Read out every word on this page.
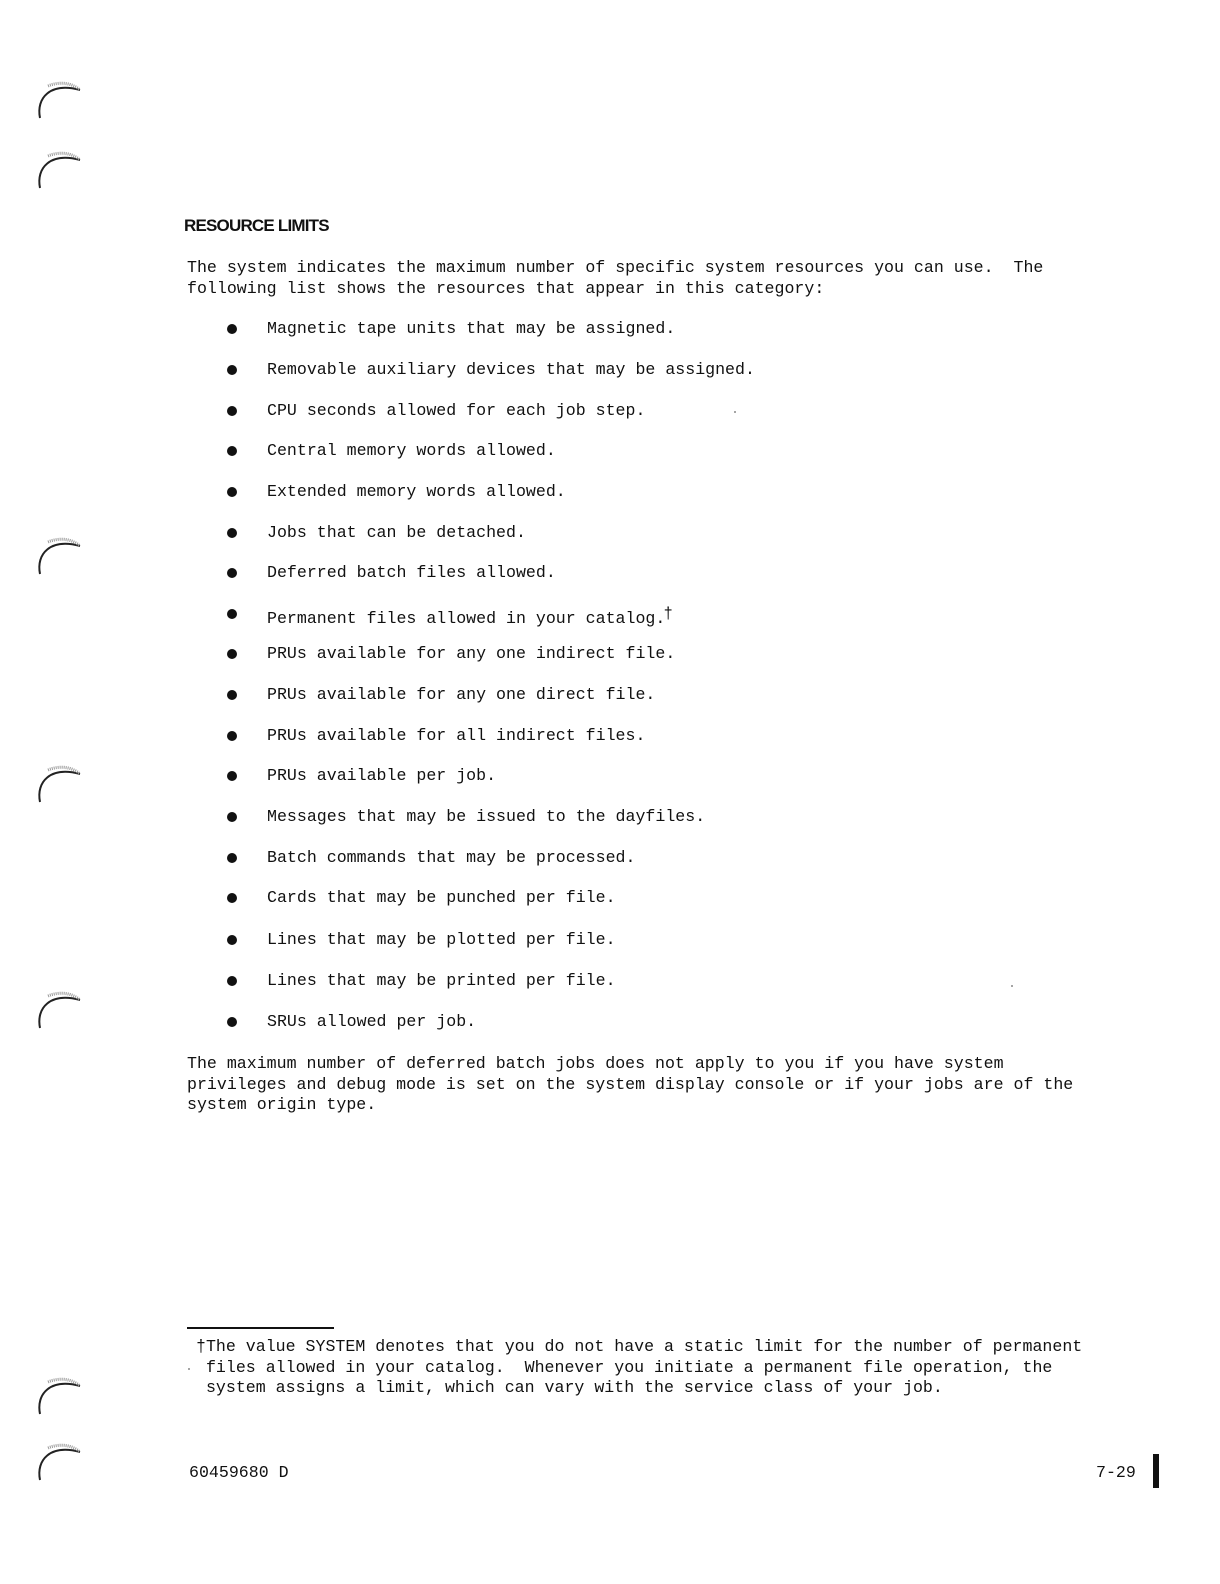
RESOURCE LIMITS

The system indicates the maximum number of specific system resources you can use.  The
following list shows the resources that appear in this category:

Magnetic tape units that may be assigned.
Removable auxiliary devices that may be assigned.
CPU seconds allowed for each job step.
Central memory words allowed.
Extended memory words allowed.
Jobs that can be detached.
Deferred batch files allowed.
Permanent files allowed in your catalog.†
PRUs available for any one indirect file.
PRUs available for any one direct file.
PRUs available for all indirect files.
PRUs available per job.
Messages that may be issued to the dayfiles.
Batch commands that may be processed.
Cards that may be punched per file.
Lines that may be plotted per file.
Lines that may be printed per file.
SRUs allowed per job.

The maximum number of deferred batch jobs does not apply to you if you have system
privileges and debug mode is set on the system display console or if your jobs are of the
system origin type.

†The value SYSTEM denotes that you do not have a static limit for the number of permanent
files allowed in your catalog.  Whenever you initiate a permanent file operation, the
system assigns a limit, which can vary with the service class of your job.

60459680 D	7-29
